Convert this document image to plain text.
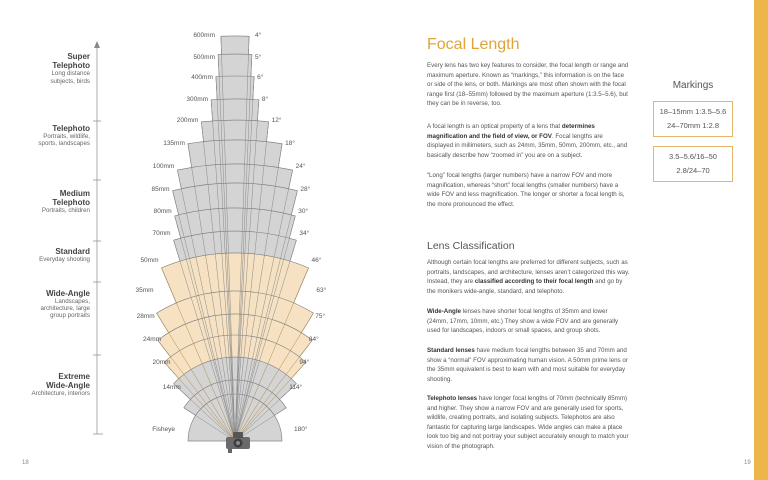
600mm	4°
500mm	5°
400mm	6°
300mm	8°
200mm	12°
135mm	18°
100mm	24°
85mm	28°
80mm	30°
70mm	34°
50mm	46°
35mm	63°
28mm	75°
24mm	84°
20mm	94°
14mm	114°
Fisheye	180°
Super
Telephoto
Long distance
subjects, birds
Telephoto
Portraits, wildlife,
sports, landscapes
Medium
Telephoto
Portraits, children
Standard
Everyday shooting
Wide-Angle
Landscapes,
architecture, large
group portraits
Extreme
Wide-Angle
Architecture, interiors
18
Focal Length

Every lens has two key features to consider, the focal length or range and maximum aperture. Known as “markings,” this information is on the face or side of the lens, or both. Markings are most often shown with the focal range first (18–55mm) followed by the maximum aperture (1:3.5–5.6), but they can be in reverse, too.

A focal length is an optical property of a lens that determines magnification and the field of view, or FOV. Focal lengths are displayed in millimeters, such as 24mm, 35mm, 50mm, 200mm, etc., and basically describe how “zoomed in” you are on a subject.

“Long” focal lengths (larger numbers) have a narrow FOV and more magnification, whereas “short” focal lengths (smaller numbers) have a wide FOV and less magnification. The longer or shorter a focal length is, the more pronounced the effect.

Markings
18–15mm 1:3.5–5.6
24–70mm 1:2.8
3.5–5.6/16–50
2.8/24–70
Lens Classification

Although certain focal lengths are preferred for different subjects, such as portraits, landscapes, and architecture, lenses aren’t categorized this way. Instead, they are classified according to their focal length and go by the monikers wide-angle, standard, and telephoto.

Wide-Angle lenses have shorter focal lengths of 35mm and lower (24mm, 17mm, 10mm, etc.) They show a wide FOV and are generally used for landscapes, indoors or small spaces, and group shots.

Standard lenses have medium focal lengths between 35 and 70mm and show a “normal” FOV approximating human vision. A 50mm prime lens or the 35mm equivalent is best to learn with and most suitable for everyday shooting.

Telephoto lenses have longer focal lengths of 70mm (technically 85mm) and higher. They show a narrow FOV and are generally used for sports, wildlife, creating portraits, and isolating subjects. Telephotos are also fantastic for capturing large landscapes. Wide angles can make a place look too big and not portray your subject accurately enough to match your vision of the photograph.

19
